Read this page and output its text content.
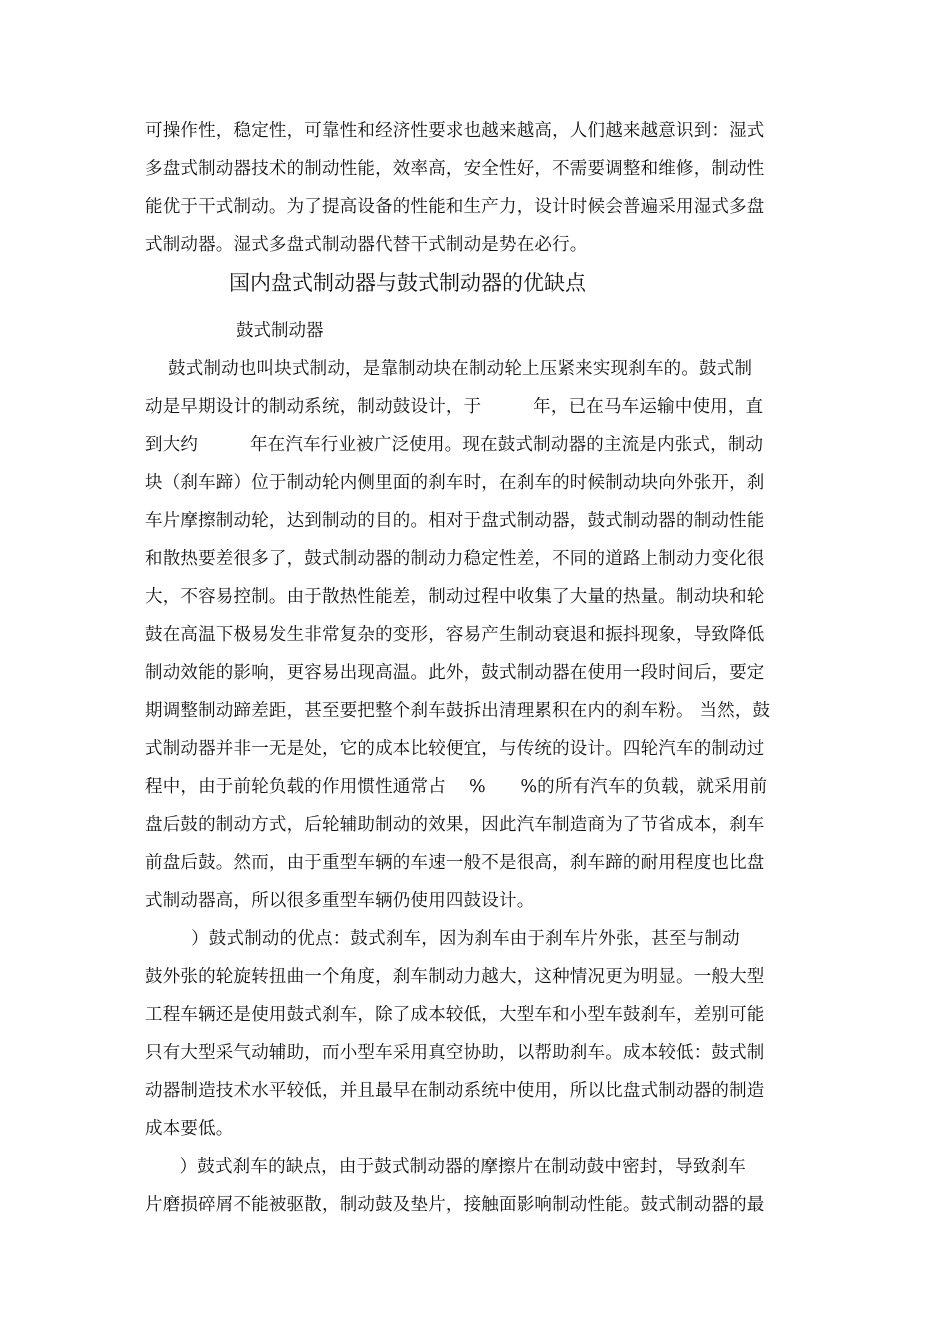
可操作性，稳定性，可靠性和经济性要求也越来越高，人们越来越意识到：湿式
多盘式制动器技术的制动性能，效率高，安全性好，不需要调整和维修，制动性
能优于干式制动。为了提高设备的性能和生产力，设计时候会普遍采用湿式多盘
式制动器。湿式多盘式制动器代替干式制动是势在必行。
国内盘式制动器与鼓式制动器的优缺点
鼓式制动器
鼓式制动也叫块式制动，是靠制动块在制动轮上压紧来实现刹车的。鼓式制
动是早期设计的制动系统，制动鼓设计，于         年，已在马车运输中使用，直
到大约         年在汽车行业被广泛使用。现在鼓式制动器的主流是内张式，制动
块（刹车蹄）位于制动轮内侧里面的刹车时，在刹车的时候制动块向外张开，刹
车片摩擦制动轮，达到制动的目的。相对于盘式制动器，鼓式制动器的制动性能
和散热要差很多了，鼓式制动器的制动力稳定性差，不同的道路上制动力变化很
大，不容易控制。由于散热性能差，制动过程中收集了大量的热量。制动块和轮
鼓在高温下极易发生非常复杂的变形，容易产生制动衰退和振抖现象，导致降低
制动效能的影响，更容易出现高温。此外，鼓式制动器在使用一段时间后，要定
期调整制动蹄差距，甚至要把整个刹车鼓拆出清理累积在内的刹车粉。 当然，鼓
式制动器并非一无是处，它的成本比较便宜，与传统的设计。四轮汽车的制动过
程中，由于前轮负载的作用惯性通常占    %      %的所有汽车的负载，就采用前
盘后鼓的制动方式，后轮辅助制动的效果，因此汽车制造商为了节省成本，刹车
前盘后鼓。然而，由于重型车辆的车速一般不是很高，刹车蹄的耐用程度也比盘
式制动器高，所以很多重型车辆仍使用四鼓设计。
）鼓式制动的优点：鼓式刹车，因为刹车由于刹车片外张，甚至与制动
鼓外张的轮旋转扭曲一个角度，刹车制动力越大，这种情况更为明显。一般大型
工程车辆还是使用鼓式刹车，除了成本较低，大型车和小型车鼓刹车，差别可能
只有大型采气动辅助，而小型车采用真空协助，以帮助刹车。成本较低：鼓式制
动器制造技术水平较低，并且最早在制动系统中使用，所以比盘式制动器的制造
成本要低。
）鼓式刹车的缺点，由于鼓式制动器的摩擦片在制动鼓中密封，导致刹车
片磨损碎屑不能被驱散，制动鼓及垫片，接触面影响制动性能。鼓式制动器的最
